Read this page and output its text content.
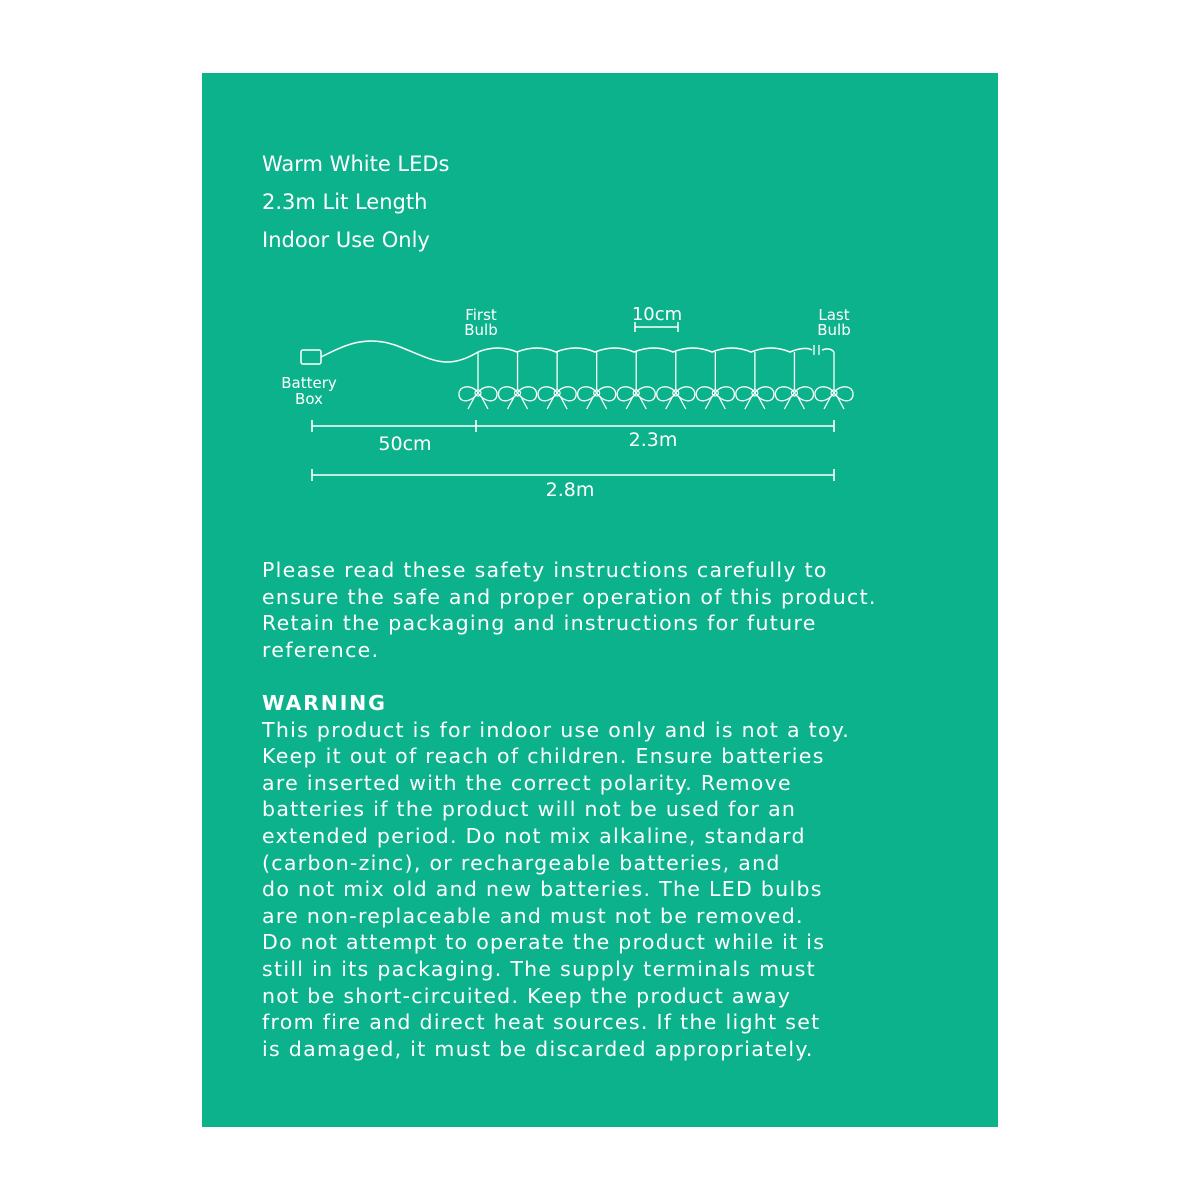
Warm White LEDs
2.3m Lit Length
Indoor Use Only
First
Bulb
Last
Bulb
10cm
Battery
Box
50cm	2.3m
2.8m
Please read these safety instructions carefully to
ensure the safe and proper operation of this product.
Retain the packaging and instructions for future
reference.
WARNING
This product is for indoor use only and is not a toy.
Keep it out of reach of children. Ensure batteries
are inserted with the correct polarity. Remove
batteries if the product will not be used for an
extended period. Do not mix alkaline, standard
(carbon-zinc), or rechargeable batteries, and
do not mix old and new batteries. The LED bulbs
are non-replaceable and must not be removed.
Do not attempt to operate the product while it is
still in its packaging. The supply terminals must
not be short-circuited. Keep the product away
from fire and direct heat sources. If the light set
is damaged, it must be discarded appropriately.
